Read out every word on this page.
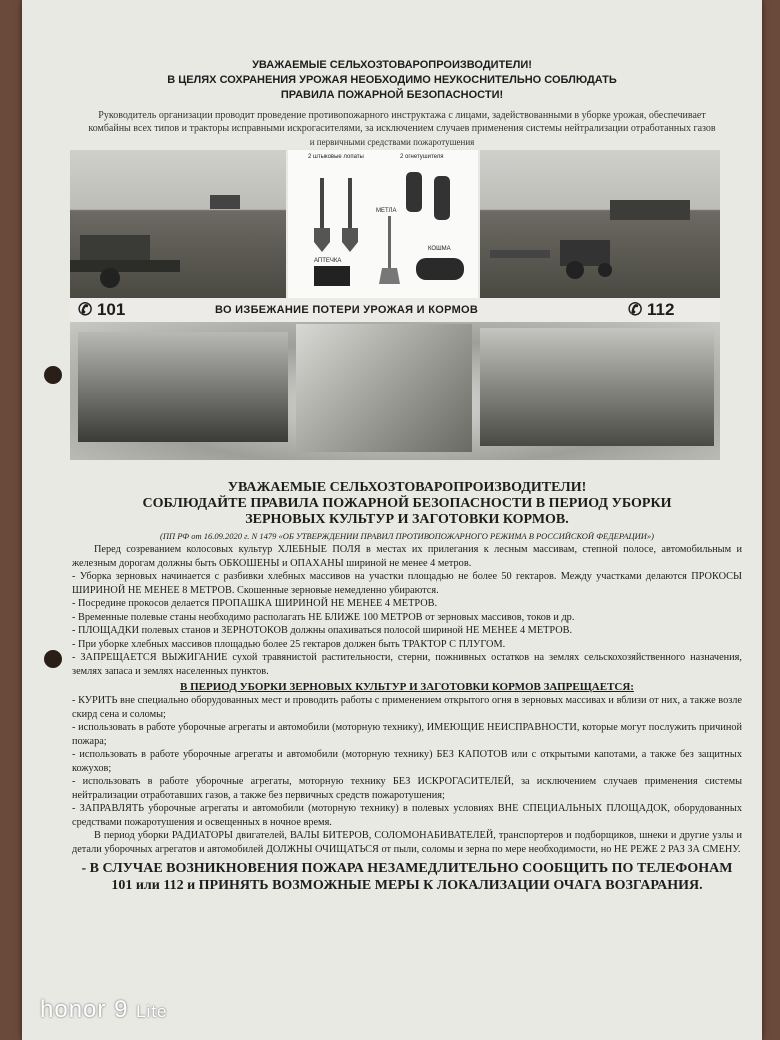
УВАЖАЕМЫЕ СЕЛЬХОЗТОВАРОПРОИЗВОДИТЕЛИ!
В ЦЕЛЯХ СОХРАНЕНИЯ УРОЖАЯ НЕОБХОДИМО НЕУКОСНИТЕЛЬНО СОБЛЮДАТЬ
ПРАВИЛА ПОЖАРНОЙ БЕЗОПАСНОСТИ!
Руководитель организации проводит проведение противопожарного инструктажа с лицами, задействованными в уборке урожая, обеспечивает комбайны всех типов и тракторы исправными искрогасителями, за исключением случаев применения системы нейтрализации отработанных газов
и первичными средствами пожаротушения
2 штыковые лопаты	2 огнетушителя
МЕТЛА
АПТЕЧКА
КОШМА
✆ 101	ВО ИЗБЕЖАНИЕ ПОТЕРИ УРОЖАЯ И КОРМОВ	✆ 112
УВАЖАЕМЫЕ СЕЛЬХОЗТОВАРОПРОИЗВОДИТЕЛИ!
СОБЛЮДАЙТЕ ПРАВИЛА ПОЖАРНОЙ БЕЗОПАСНОСТИ В ПЕРИОД УБОРКИ
ЗЕРНОВЫХ КУЛЬТУР И ЗАГОТОВКИ КОРМОВ.
(ПП РФ от 16.09.2020 г. N 1479 «ОБ УТВЕРЖДЕНИИ ПРАВИЛ ПРОТИВОПОЖАРНОГО РЕЖИМА В РОССИЙСКОЙ ФЕДЕРАЦИИ»)

Перед созреванием колосовых культур ХЛЕБНЫЕ ПОЛЯ в местах их прилегания к лесным массивам, степной полосе, автомобильным и железным дорогам должны быть ОБКОШЕНЫ и ОПАХАНЫ шириной не менее 4 метров.

- Уборка зерновых начинается с разбивки хлебных массивов на участки площадью не более 50 гектаров. Между участками делаются ПРОКОСЫ ШИРИНОЙ НЕ МЕНЕЕ 8 МЕТРОВ. Скошенные зерновые немедленно убираются.

- Посредине прокосов делается ПРОПАШКА ШИРИНОЙ НЕ МЕНЕЕ 4 МЕТРОВ.

- Временные полевые станы необходимо располагать НЕ БЛИЖЕ 100 МЕТРОВ от зерновых массивов, токов и др.

- ПЛОЩАДКИ полевых станов и ЗЕРНОТОКОВ должны опахиваться полосой шириной НЕ МЕНЕЕ 4 МЕТРОВ.

- При уборке хлебных массивов площадью более 25 гектаров должен быть ТРАКТОР С ПЛУГОМ.

- ЗАПРЕЩАЕТСЯ ВЫЖИГАНИЕ сухой травянистой растительности, стерни, пожнивных остатков на землях сельскохозяйственного назначения, землях запаса и землях населенных пунктов.

В ПЕРИОД УБОРКИ ЗЕРНОВЫХ КУЛЬТУР И ЗАГОТОВКИ КОРМОВ ЗАПРЕЩАЕТСЯ:

- КУРИТЬ вне специально оборудованных мест и проводить работы с применением открытого огня в зерновых массивах и вблизи от них, а также возле скирд сена и соломы;

- использовать в работе уборочные агрегаты и автомобили (моторную технику), ИМЕЮЩИЕ НЕИСПРАВНОСТИ, которые могут послужить причиной пожара;

- использовать в работе уборочные агрегаты и автомобили (моторную технику) БЕЗ КАПОТОВ или с открытыми капотами, а также без защитных кожухов;

- использовать в работе уборочные агрегаты, моторную технику БЕЗ ИСКРОГАСИТЕЛЕЙ, за исключением случаев применения системы нейтрализации отработавших газов, а также без первичных средств пожаротушения;

- ЗАПРАВЛЯТЬ уборочные агрегаты и автомобили (моторную технику) в полевых условиях ВНЕ СПЕЦИАЛЬНЫХ ПЛОЩАДОК, оборудованных средствами пожаротушения и освещенных в ночное время.

В период уборки РАДИАТОРЫ двигателей, ВАЛЫ БИТЕРОВ, СОЛОМОНАБИВАТЕЛЕЙ, транспортеров и подборщиков, шнеки и другие узлы и детали уборочных агрегатов и автомобилей ДОЛЖНЫ ОЧИЩАТЬСЯ от пыли, соломы и зерна по мере необходимости, но НЕ РЕЖЕ 2 РАЗ ЗА СМЕНУ.

- В СЛУЧАЕ ВОЗНИКНОВЕНИЯ ПОЖАРА НЕЗАМЕДЛИТЕЛЬНО СООБЩИТЬ ПО ТЕЛЕФОНАМ
101 или 112 и ПРИНЯТЬ ВОЗМОЖНЫЕ МЕРЫ К ЛОКАЛИЗАЦИИ ОЧАГА ВОЗГАРАНИЯ.
honor 9 Lite
